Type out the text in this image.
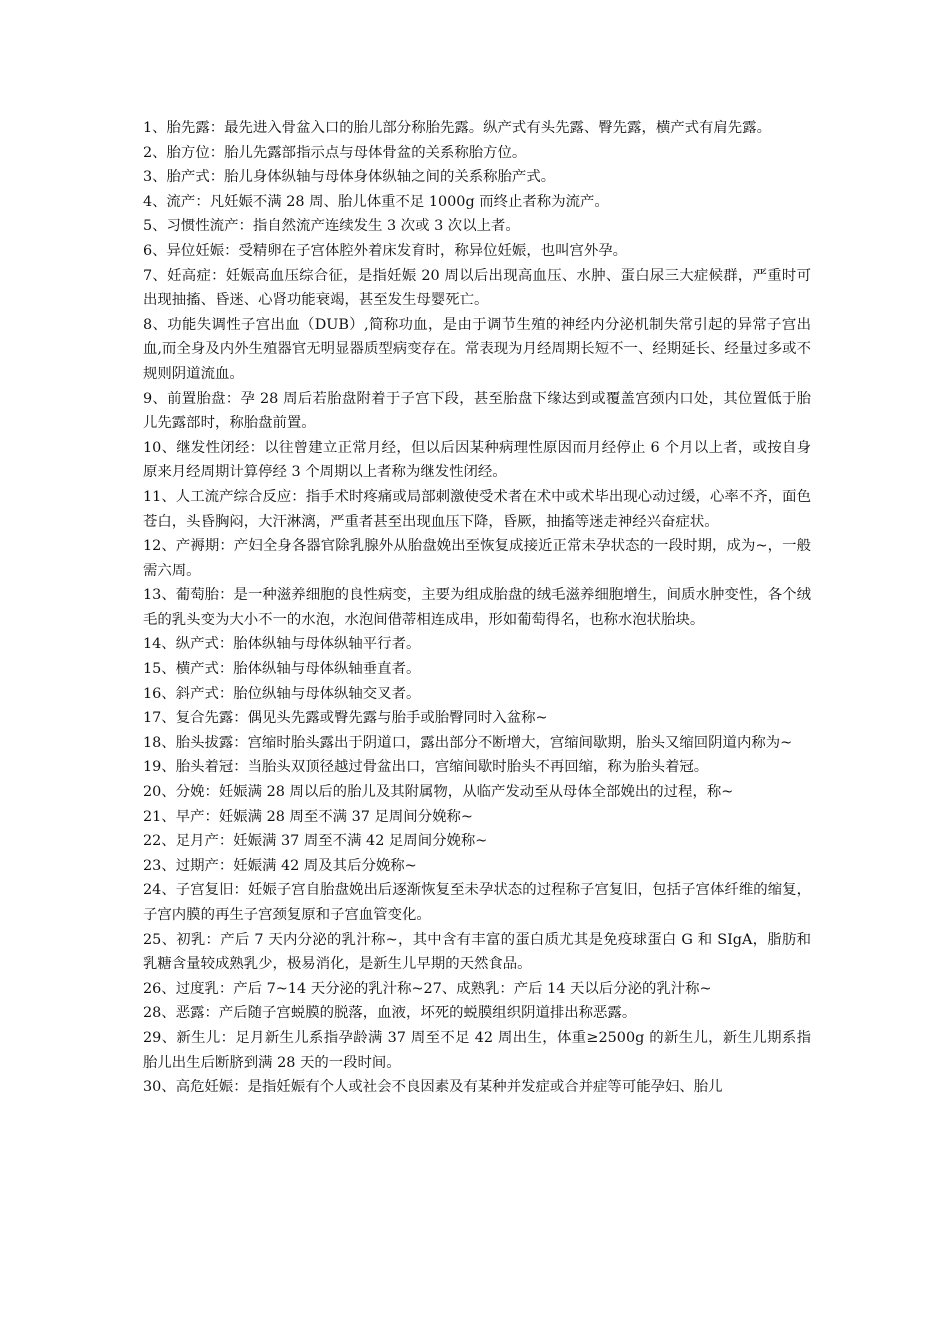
1、胎先露：最先进入骨盆入口的胎儿部分称胎先露。纵产式有头先露、臀先露，横产式有肩先露。

2、胎方位：胎儿先露部指示点与母体骨盆的关系称胎方位。

3、胎产式：胎儿身体纵轴与母体身体纵轴之间的关系称胎产式。

4、流产：凡妊娠不满 28 周、胎儿体重不足 1000g 而终止者称为流产。

5、习惯性流产：指自然流产连续发生 3 次或 3 次以上者。

6、异位妊娠：受精卵在子宫体腔外着床发育时，称异位妊娠，也叫宫外孕。

7、妊高症：妊娠高血压综合征，是指妊娠 20 周以后出现高血压、水肿、蛋白尿三大症候群，严重时可出现抽搐、昏迷、心肾功能衰竭，甚至发生母婴死亡。

8、功能失调性子宫出血（DUB）,简称功血，是由于调节生殖的神经内分泌机制失常引起的异常子宫出血,而全身及内外生殖器官无明显器质型病变存在。常表现为月经周期长短不一、经期延长、经量过多或不规则阴道流血。

9、前置胎盘：孕 28 周后若胎盘附着于子宫下段，甚至胎盘下缘达到或覆盖宫颈内口处，其位置低于胎儿先露部时，称胎盘前置。

10、继发性闭经：以往曾建立正常月经，但以后因某种病理性原因而月经停止 6 个月以上者，或按自身原来月经周期计算停经 3 个周期以上者称为继发性闭经。

11、人工流产综合反应：指手术时疼痛或局部刺激使受术者在术中或术毕出现心动过缓，心率不齐，面色苍白，头昏胸闷，大汗淋漓，严重者甚至出现血压下降，昏厥，抽搐等迷走神经兴奋症状。

12、产褥期：产妇全身各器官除乳腺外从胎盘娩出至恢复成接近正常未孕状态的一段时期，成为~，一般需六周。

13、葡萄胎：是一种滋养细胞的良性病变，主要为组成胎盘的绒毛滋养细胞增生，间质水肿变性，各个绒毛的乳头变为大小不一的水泡，水泡间借蒂相连成串，形如葡萄得名，也称水泡状胎块。

14、纵产式：胎体纵轴与母体纵轴平行者。

15、横产式：胎体纵轴与母体纵轴垂直者。

16、斜产式：胎位纵轴与母体纵轴交叉者。

17、复合先露：偶见头先露或臀先露与胎手或胎臀同时入盆称~

18、胎头拔露：宫缩时胎头露出于阴道口，露出部分不断增大，宫缩间歇期，胎头又缩回阴道内称为~

19、胎头着冠：当胎头双顶径越过骨盆出口，宫缩间歇时胎头不再回缩，称为胎头着冠。

20、分娩：妊娠满 28 周以后的胎儿及其附属物，从临产发动至从母体全部娩出的过程，称~

21、早产：妊娠满 28 周至不满 37 足周间分娩称~

22、足月产：妊娠满 37 周至不满 42 足周间分娩称~

23、过期产：妊娠满 42 周及其后分娩称~

24、子宫复旧：妊娠子宫自胎盘娩出后逐渐恢复至未孕状态的过程称子宫复旧，包括子宫体纤维的缩复，子宫内膜的再生子宫颈复原和子宫血管变化。

25、初乳：产后 7 天内分泌的乳汁称~，其中含有丰富的蛋白质尤其是免疫球蛋白 G 和 SIgA，脂肪和乳糖含量较成熟乳少，极易消化，是新生儿早期的天然食品。

26、过度乳：产后 7~14 天分泌的乳汁称~27、成熟乳：产后 14 天以后分泌的乳汁称~

28、恶露：产后随子宫蜕膜的脱落，血液，坏死的蜕膜组织阴道排出称恶露。

29、新生儿：足月新生儿系指孕龄满 37 周至不足 42 周出生，体重≥2500g 的新生儿，新生儿期系指胎儿出生后断脐到满 28 天的一段时间。

30、高危妊娠：是指妊娠有个人或社会不良因素及有某种并发症或合并症等可能孕妇、胎儿
